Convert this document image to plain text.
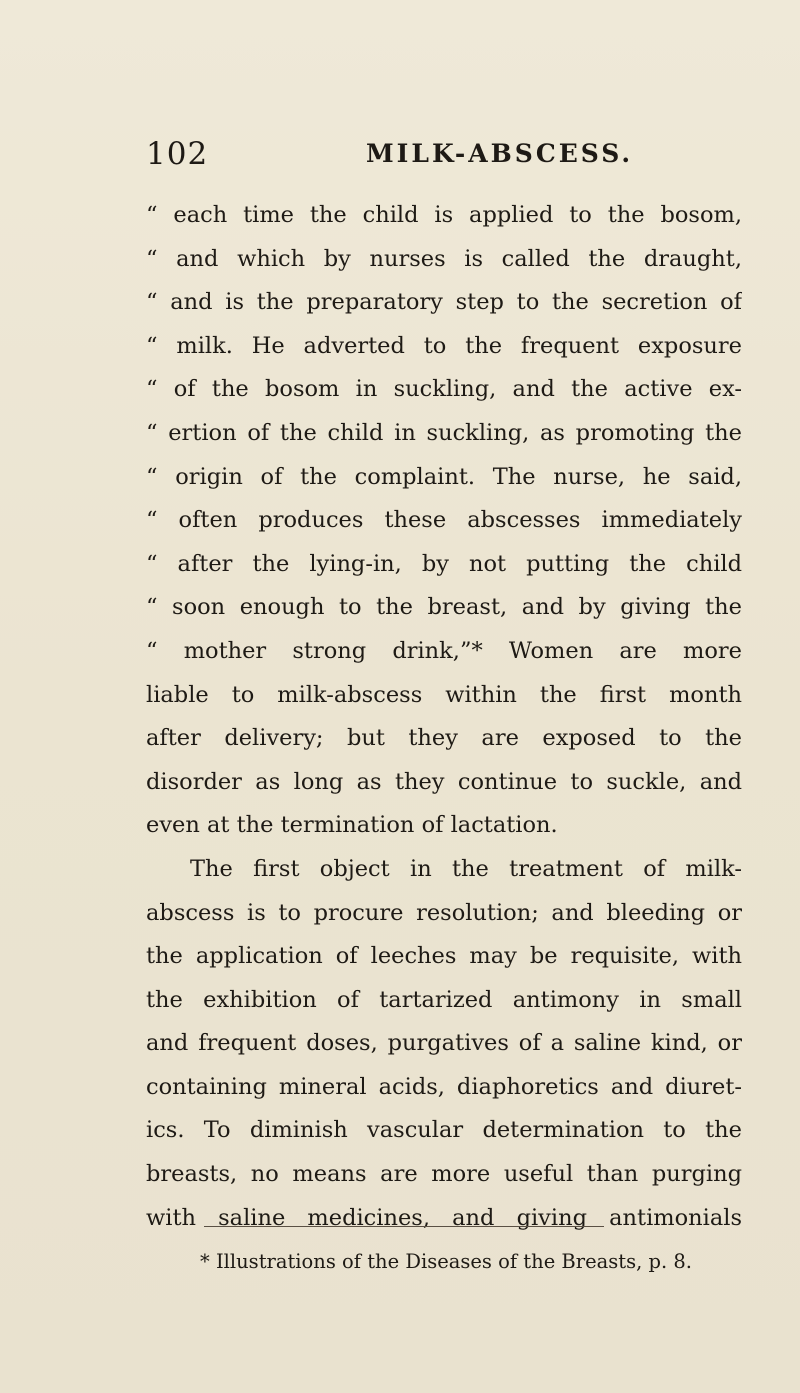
102	MILK-ABSCESS.
“ each time the child is applied to the bosom,
“ and which by nurses is called the draught,
“ and is the preparatory step to the secretion of
“ milk. He adverted to the frequent exposure
“ of the bosom in suckling, and the active ex-
“ ertion of the child in suckling, as promoting the
“ origin of the complaint. The nurse, he said,
“ often produces these abscesses immediately
“ after the lying-in, by not putting the child
“ soon enough to the breast, and by giving the
“ mother strong drink,”* Women are more
liable to milk-abscess within the first month
after delivery; but they are exposed to the
disorder as long as they continue to suckle, and
even at the termination of lactation.
The first object in the treatment of milk-
abscess is to procure resolution; and bleeding or
the application of leeches may be requisite, with
the exhibition of tartarized antimony in small
and frequent doses, purgatives of a saline kind, or
containing mineral acids, diaphoretics and diuret-
ics. To diminish vascular determination to the
breasts, no means are more useful than purging
with saline medicines, and giving antimonials
* Illustrations of the Diseases of the Breasts, p. 8.
